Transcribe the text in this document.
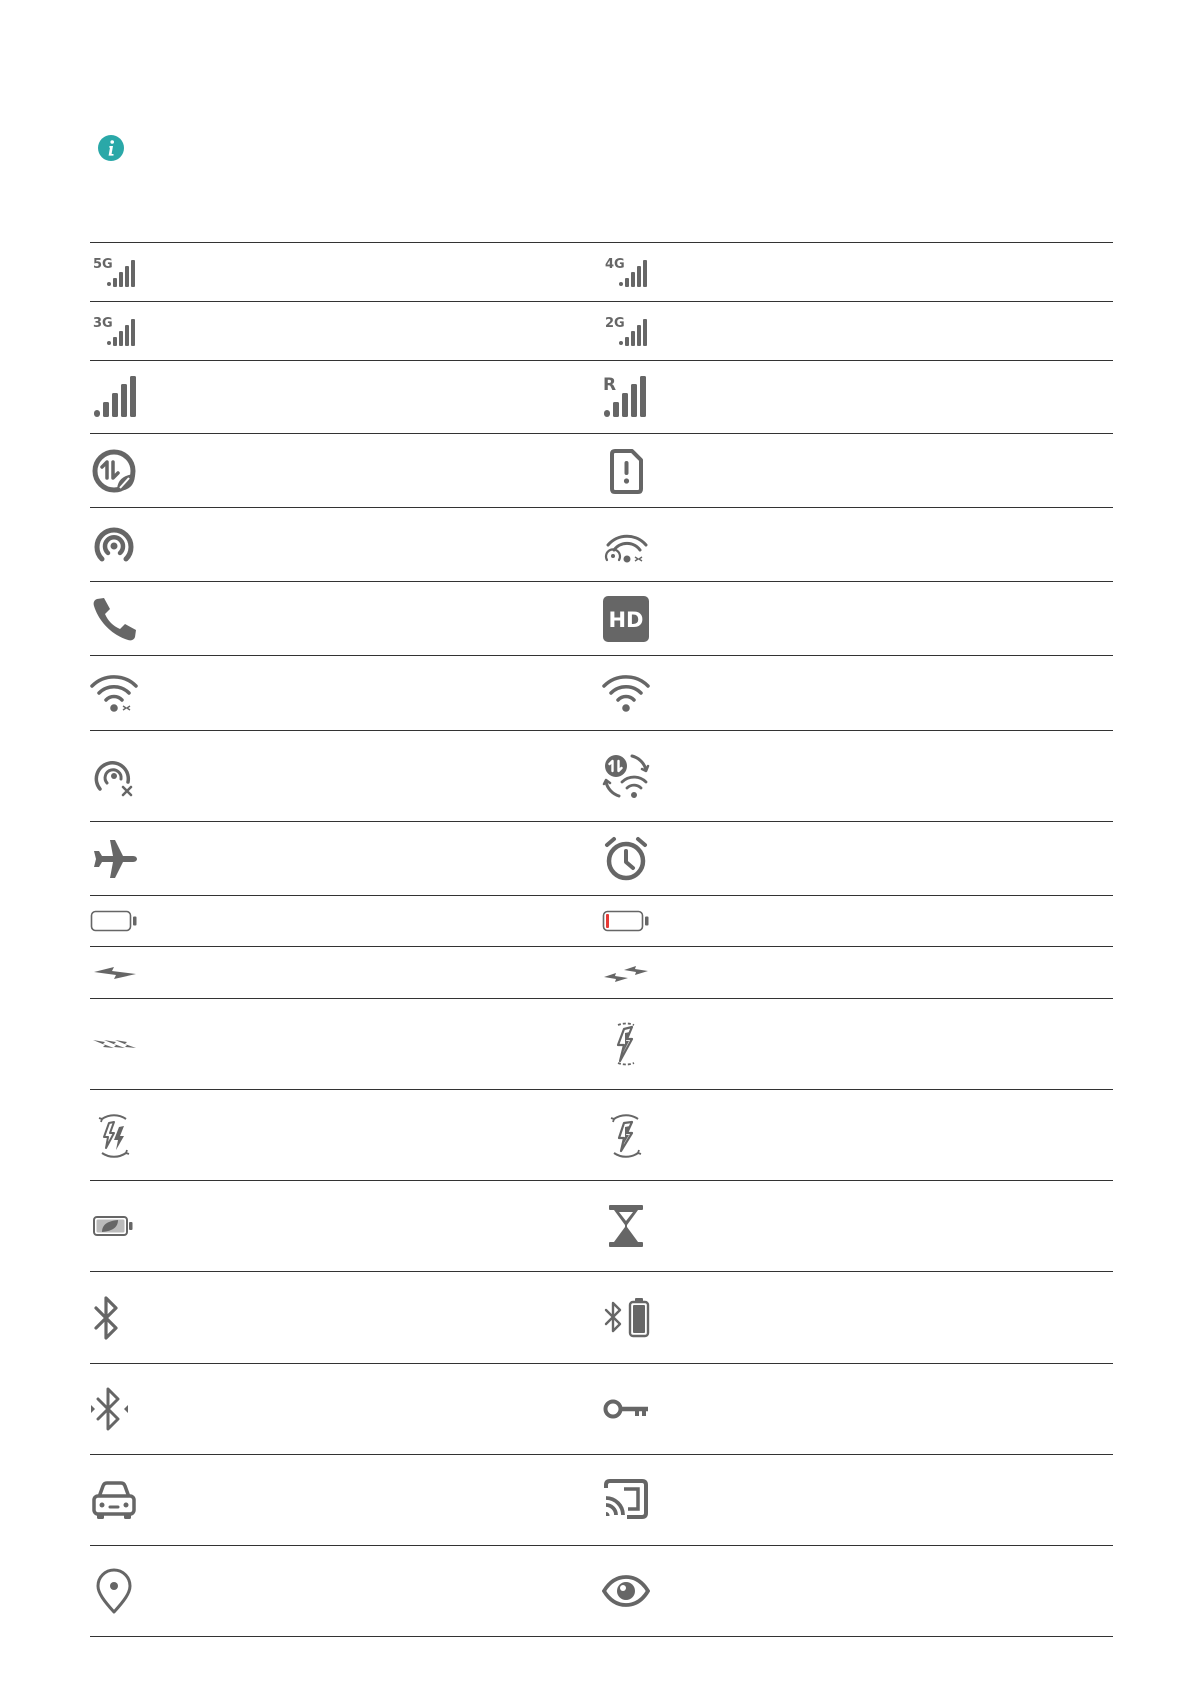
5G	4G
3G	2G
R
HD
